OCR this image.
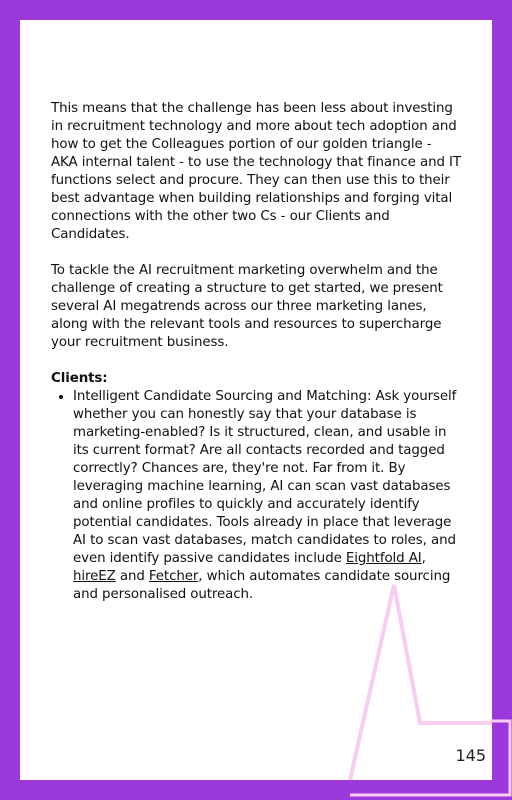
This means that the challenge has been less about investing in recruitment technology and more about tech adoption and how to get the Colleagues portion of our golden triangle - AKA internal talent - to use the technology that finance and IT functions select and procure. They can then use this to their best advantage when building relationships and forging vital connections with the other two Cs - our Clients and Candidates.

To tackle the AI recruitment marketing overwhelm and the challenge of creating a structure to get started, we present several AI megatrends across our three marketing lanes, along with the relevant tools and resources to supercharge your recruitment business.

Clients:
• Intelligent Candidate Sourcing and Matching: Ask yourself whether you can honestly say that your database is marketing-enabled? Is it structured, clean, and usable in its current format? Are all contacts recorded and tagged correctly? Chances are, they're not. Far from it. By leveraging machine learning, AI can scan vast databases and online profiles to quickly and accurately identify potential candidates. Tools already in place that leverage AI to scan vast databases, match candidates to roles, and even identify passive candidates include Eightfold AI, hireEZ and Fetcher, which automates candidate sourcing and personalised outreach.
145
